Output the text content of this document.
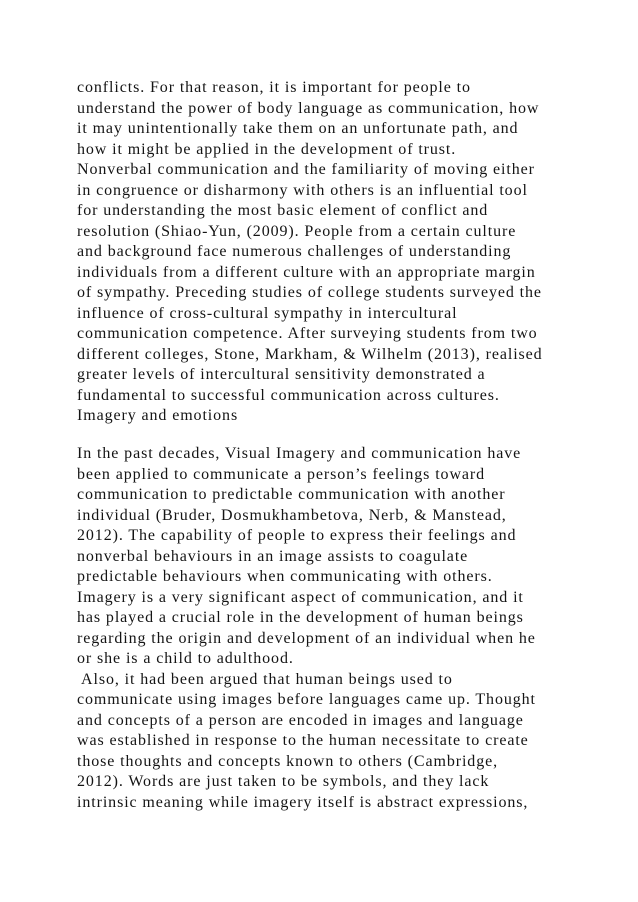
conflicts. For that reason, it is important for people to
understand the power of body language as communication, how
it may unintentionally take them on an unfortunate path, and
how it might be applied in the development of trust.
Nonverbal communication and the familiarity of moving either
in congruence or disharmony with others is an influential tool
for understanding the most basic element of conflict and
resolution (Shiao-Yun, (2009). People from a certain culture
and background face numerous challenges of understanding
individuals from a different culture with an appropriate margin
of sympathy. Preceding studies of college students surveyed the
influence of cross-cultural sympathy in intercultural
communication competence. After surveying students from two
different colleges, Stone, Markham, & Wilhelm (2013), realised
greater levels of intercultural sensitivity demonstrated a
fundamental to successful communication across cultures.
Imagery and emotions
In the past decades, Visual Imagery and communication have
been applied to communicate a person’s feelings toward
communication to predictable communication with another
individual (Bruder, Dosmukhambetova, Nerb, & Manstead,
2012). The capability of people to express their feelings and
nonverbal behaviours in an image assists to coagulate
predictable behaviours when communicating with others.
Imagery is a very significant aspect of communication, and it
has played a crucial role in the development of human beings
regarding the origin and development of an individual when he
or she is a child to adulthood.
Also, it had been argued that human beings used to
communicate using images before languages came up. Thought
and concepts of a person are encoded in images and language
was established in response to the human necessitate to create
those thoughts and concepts known to others (Cambridge,
2012). Words are just taken to be symbols, and they lack
intrinsic meaning while imagery itself is abstract expressions,
